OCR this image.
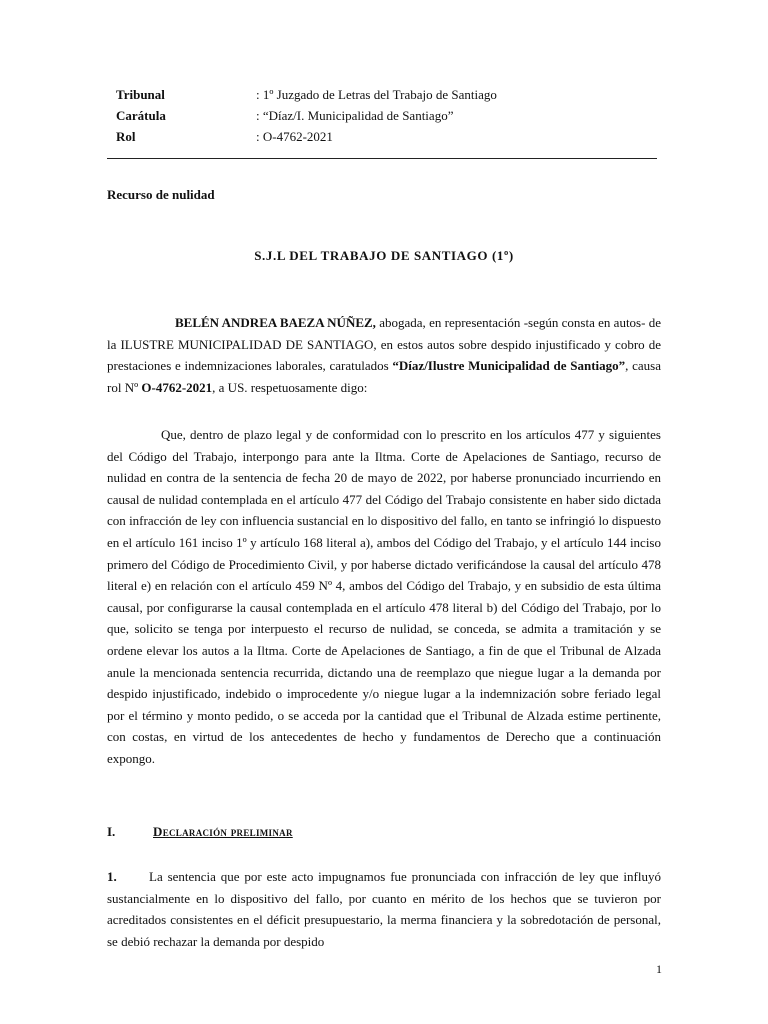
Tribunal	: 1º Juzgado de Letras del Trabajo de Santiago
Carátula	: “Díaz/I. Municipalidad de Santiago”
Rol	: O-4762-2021
Recurso de nulidad
S.J.L DEL TRABAJO DE SANTIAGO (1º)
BELÉN ANDREA BAEZA NÚÑEZ, abogada, en representación -según consta en autos- de la ILUSTRE MUNICIPALIDAD DE SANTIAGO, en estos autos sobre despido injustificado y cobro de prestaciones e indemnizaciones laborales, caratulados “Díaz/Ilustre Municipalidad de Santiago”, causa rol Nº O-4762-2021, a US. respetuosamente digo:
Que, dentro de plazo legal y de conformidad con lo prescrito en los artículos 477 y siguientes del Código del Trabajo, interpongo para ante la Iltma. Corte de Apelaciones de Santiago, recurso de nulidad en contra de la sentencia de fecha 20 de mayo de 2022, por haberse pronunciado incurriendo en causal de nulidad contemplada en el artículo 477 del Código del Trabajo consistente en haber sido dictada con infracción de ley con influencia sustancial en lo dispositivo del fallo, en tanto se infringió lo dispuesto en el artículo 161 inciso 1º y artículo 168 literal a), ambos del Código del Trabajo, y el artículo 144 inciso primero del Código de Procedimiento Civil, y por haberse dictado verificándose la causal del artículo 478 literal e) en relación con el artículo 459 Nº 4, ambos del Código del Trabajo, y en subsidio de esta última causal, por configurarse la causal contemplada en el artículo 478 literal b) del Código del Trabajo, por lo que, solicito se tenga por interpuesto el recurso de nulidad, se conceda, se admita a tramitación y se ordene elevar los autos a la Iltma. Corte de Apelaciones de Santiago, a fin de que el Tribunal de Alzada anule la mencionada sentencia recurrida, dictando una de reemplazo que niegue lugar a la demanda por despido injustificado, indebido o improcedente y/o niegue lugar a la indemnización sobre feriado legal por el término y monto pedido, o se acceda por la cantidad que el Tribunal de Alzada estime pertinente, con costas, en virtud de los antecedentes de hecho y fundamentos de Derecho que a continuación expongo.
I.	Declaración preliminar
1. La sentencia que por este acto impugnamos fue pronunciada con infracción de ley que influyó sustancialmente en lo dispositivo del fallo, por cuanto en mérito de los hechos que se tuvieron por acreditados consistentes en el déficit presupuestario, la merma financiera y la sobredotación de personal, se debió rechazar la demanda por despido
1
